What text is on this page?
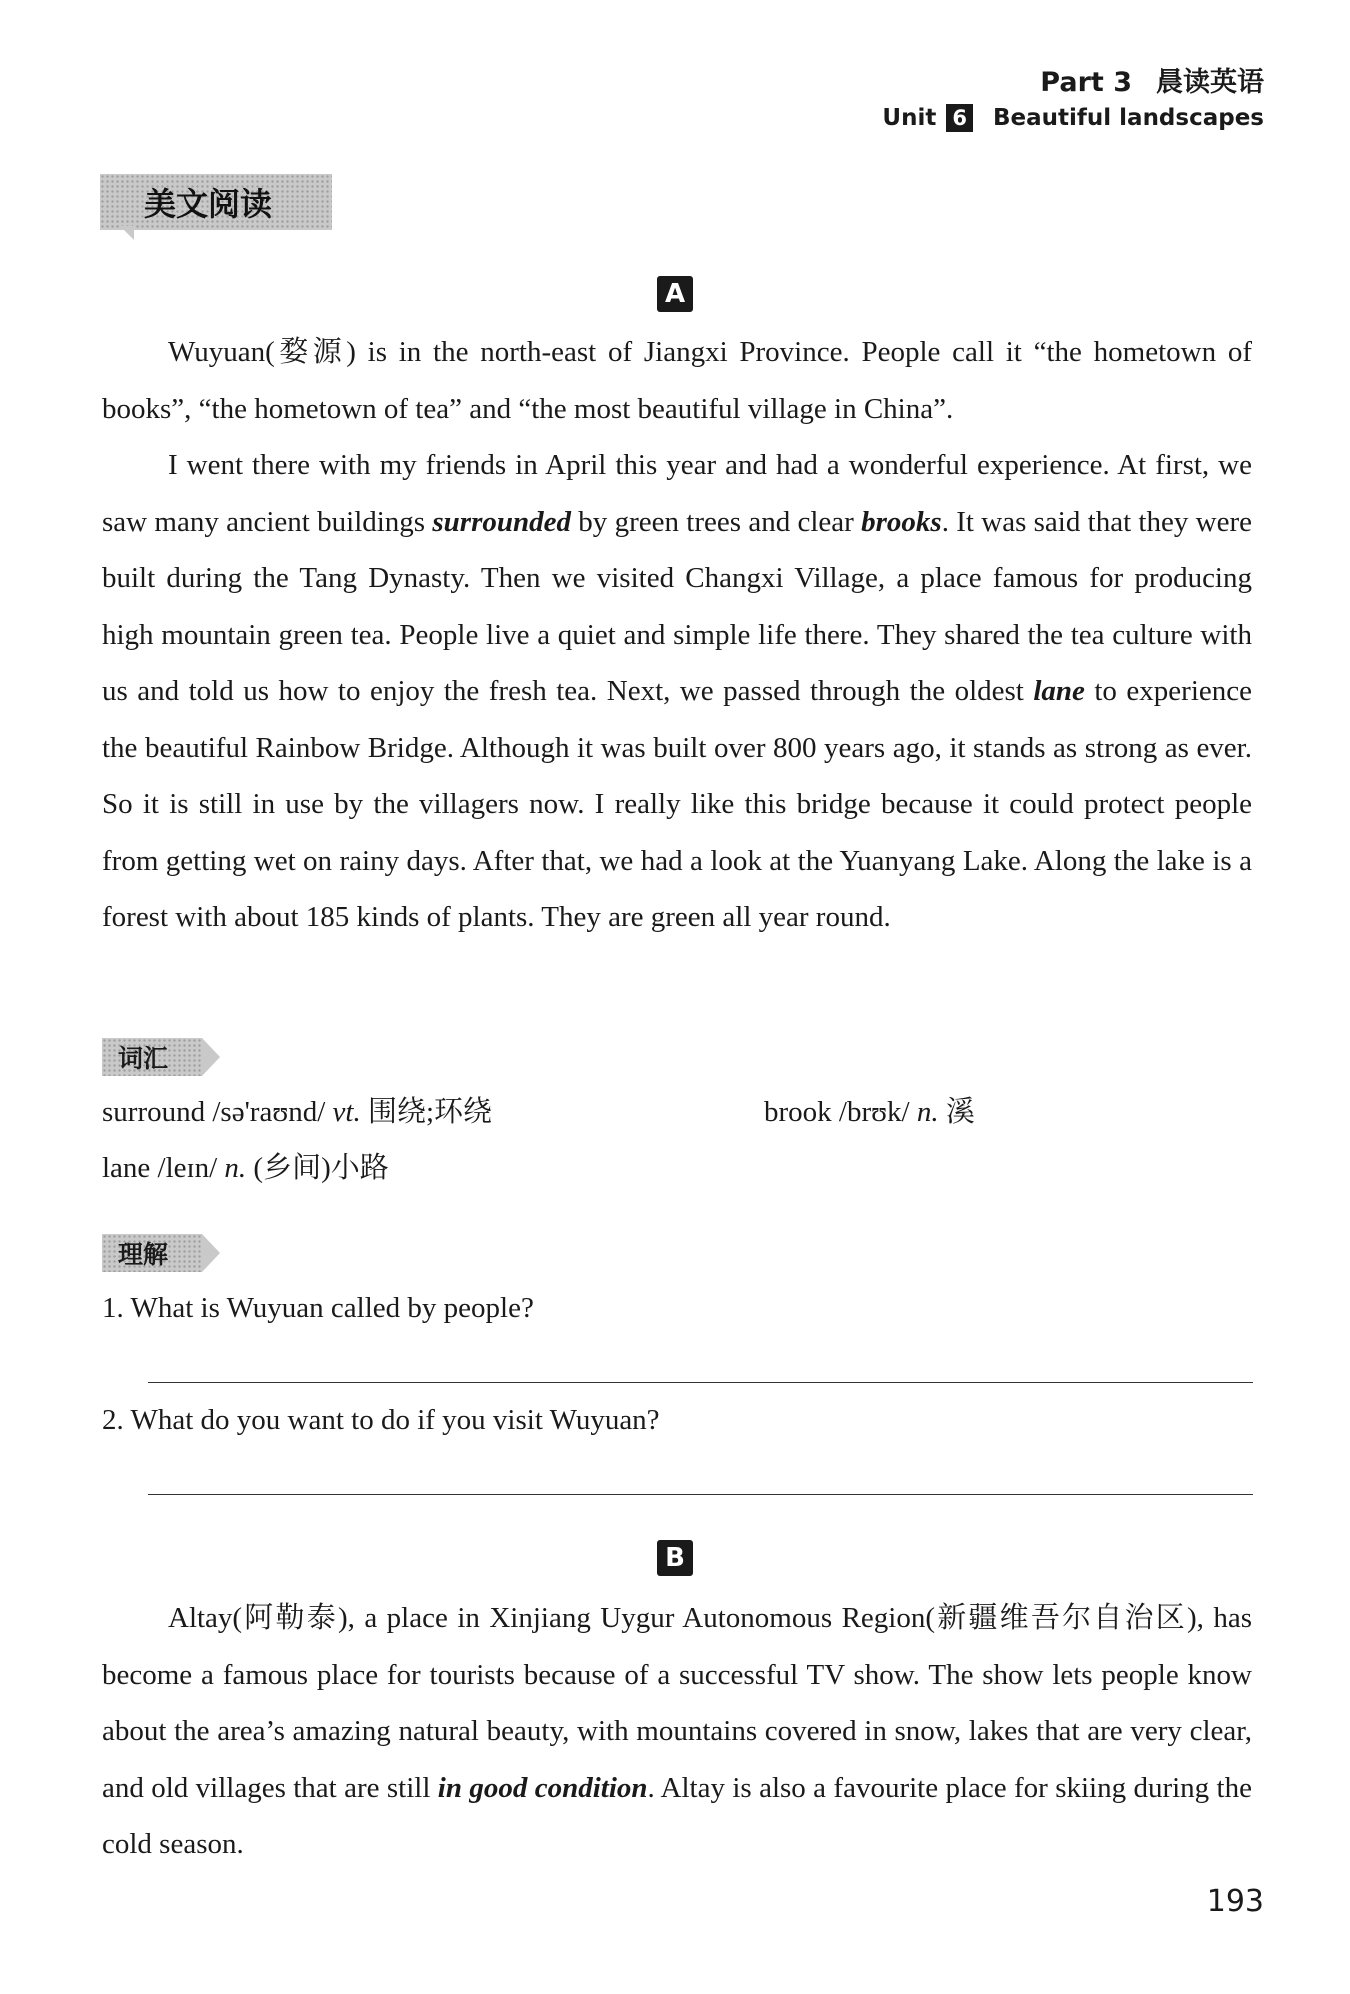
Part 3 晨读英语
Unit 6 Beautiful landscapes
美文阅读
A

Wuyuan(婺源) is in the north-east of Jiangxi Province. People call it “the hometown of books”, “the hometown of tea” and “the most beautiful village in China”.

I went there with my friends in April this year and had a wonderful experience. At first, we saw many ancient buildings surrounded by green trees and clear brooks. It was said that they were built during the Tang Dynasty. Then we visited Changxi Village, a place famous for producing high mountain green tea. People live a quiet and simple life there. They shared the tea culture with us and told us how to enjoy the fresh tea. Next, we passed through the oldest lane to experience the beautiful Rainbow Bridge. Although it was built over 800 years ago, it stands as strong as ever. So it is still in use by the villagers now. I really like this bridge because it could protect people from getting wet on rainy days. After that, we had a look at the Yuanyang Lake. Along the lake is a forest with about 185 kinds of plants. They are green all year round.

词汇
surround /sə'raʊnd/ vt. 围绕;环绕	brook /brʊk/ n. 溪
lane /leɪn/ n. (乡间)小路
理解
1. What is Wuyuan called by people?
2. What do you want to do if you visit Wuyuan?
B

Altay(阿勒泰), a place in Xinjiang Uygur Autonomous Region(新疆维吾尔自治区), has become a famous place for tourists because of a successful TV show. The show lets people know about the area’s amazing natural beauty, with mountains covered in snow, lakes that are very clear, and old villages that are still in good condition. Altay is also a favourite place for skiing during the cold season.

193
